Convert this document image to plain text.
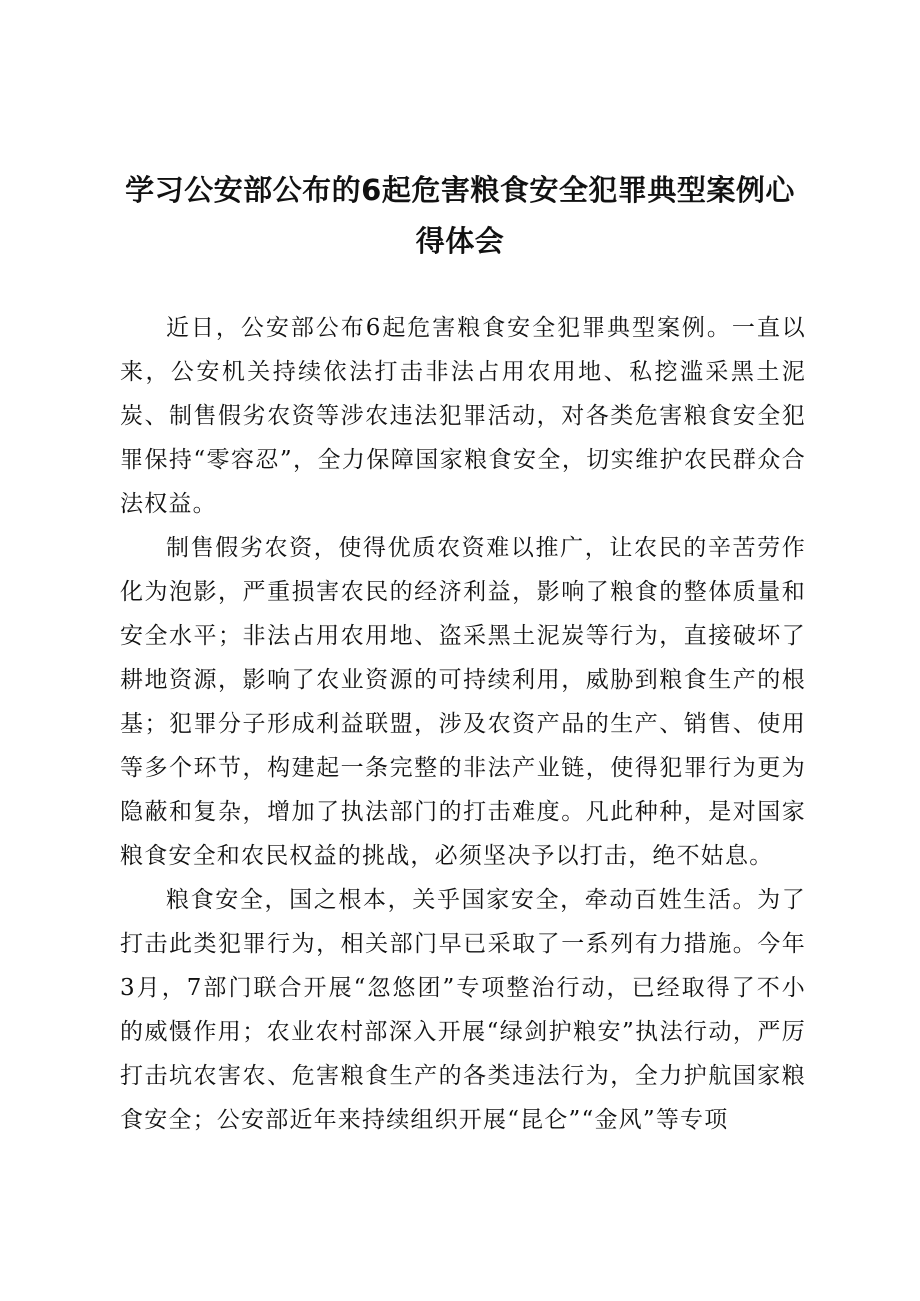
学习公安部公布的6起危害粮食安全犯罪典型案例心得体会

近日，公安部公布6起危害粮食安全犯罪典型案例。一直以来，公安机关持续依法打击非法占用农用地、私挖滥采黑土泥炭、制售假劣农资等涉农违法犯罪活动，对各类危害粮食安全犯罪保持“零容忍”，全力保障国家粮食安全，切实维护农民群众合法权益。

制售假劣农资，使得优质农资难以推广，让农民的辛苦劳作化为泡影，严重损害农民的经济利益，影响了粮食的整体质量和安全水平；非法占用农用地、盗采黑土泥炭等行为，直接破坏了耕地资源，影响了农业资源的可持续利用，威胁到粮食生产的根基；犯罪分子形成利益联盟，涉及农资产品的生产、销售、使用等多个环节，构建起一条完整的非法产业链，使得犯罪行为更为隐蔽和复杂，增加了执法部门的打击难度。凡此种种，是对国家粮食安全和农民权益的挑战，必须坚决予以打击，绝不姑息。

粮食安全，国之根本，关乎国家安全，牵动百姓生活。为了打击此类犯罪行为，相关部门早已采取了一系列有力措施。今年3月，7部门联合开展“忽悠团”专项整治行动，已经取得了不小的威慑作用；农业农村部深入开展“绿剑护粮安”执法行动，严厉打击坑农害农、危害粮食生产的各类违法行为，全力护航国家粮食安全；公安部近年来持续组织开展“昆仑”“金风”等专项
